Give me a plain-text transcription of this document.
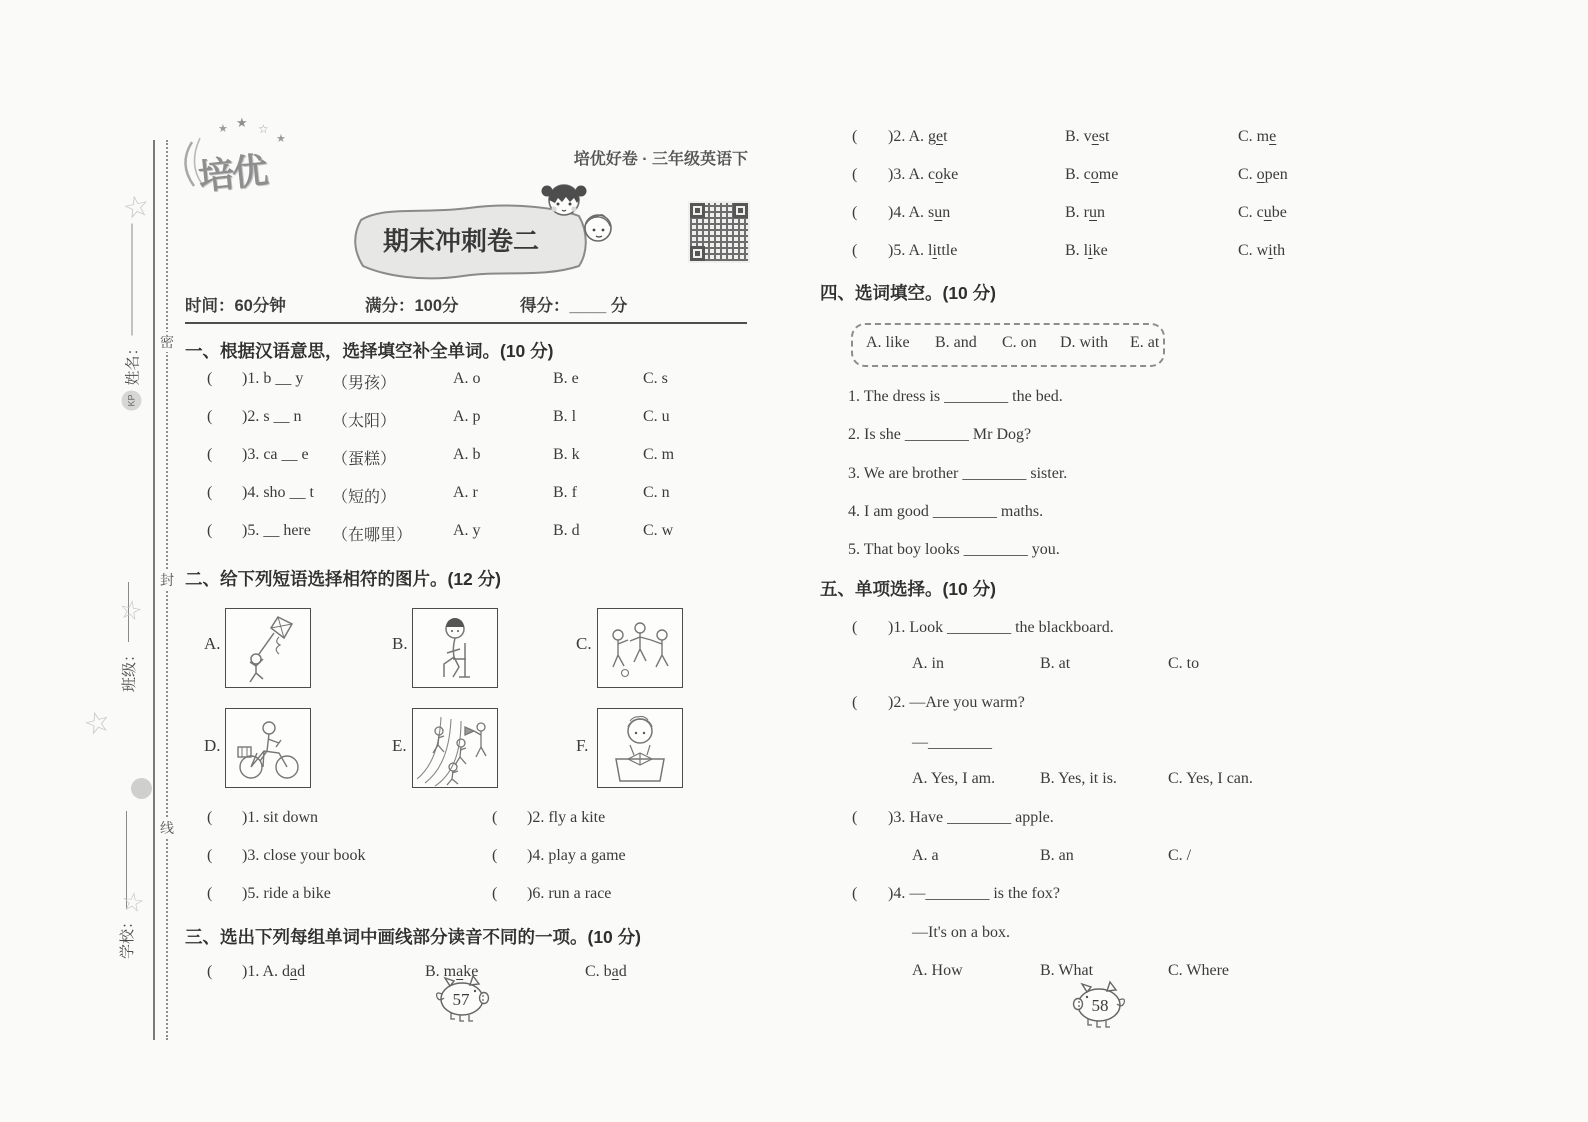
密
封
线
KP
姓名：
班级：
学校：
☆
☆
☆
☆
培优
★ ★ ☆
★
培优好卷 · 三年级英语下
期末冲刺卷二
时间：60分钟	满分：100分	得分：____ 分
一、根据汉语意思，选择填空补全单词。(10 分)
( )1. b __ y （男孩）	A. o	B. e	C. s
( )2. s __ n （太阳）	A. p	B. l	C. u
( )3. ca __ e （蛋糕）	A. b	B. k	C. m
( )4. sho __ t （短的）	A. r	B. f	C. n
( )5. __ here （在哪里）	A. y	B. d	C. w
二、给下列短语选择相符的图片。(12 分)
A.	B.	C.
D.	E.	F.
( )1. sit down	( )2. fly a kite
( )3. close your book	( )4. play a game
( )5. ride a bike	( )6. run a race
三、选出下列每组单词中画线部分读音不同的一项。(10 分)
( )1. A. dad	B. make	C. bad
57
( )2. A. get	B. vest	C. me
( )3. A. coke	B. come	C. open
( )4. A. sun	B. run	C. cube
( )5. A. little	B. like	C. with
四、选词填空。(10 分)
A. like B. and C. on D. with E. at
1. The dress is ________ the bed.
2. Is she ________ Mr Dog?
3. We are brother ________ sister.
4. I am good ________ maths.
5. That boy looks ________ you.
五、单项选择。(10 分)
( )1. Look ________ the blackboard.
A. in	B. at	C. to
( )2. —Are you warm?
—________
A. Yes, I am.	B. Yes, it is.	C. Yes, I can.
( )3. Have ________ apple.
A. a	B. an	C. /
( )4. —________ is the fox?
—It's on a box.
A. How	B. What	C. Where
58
